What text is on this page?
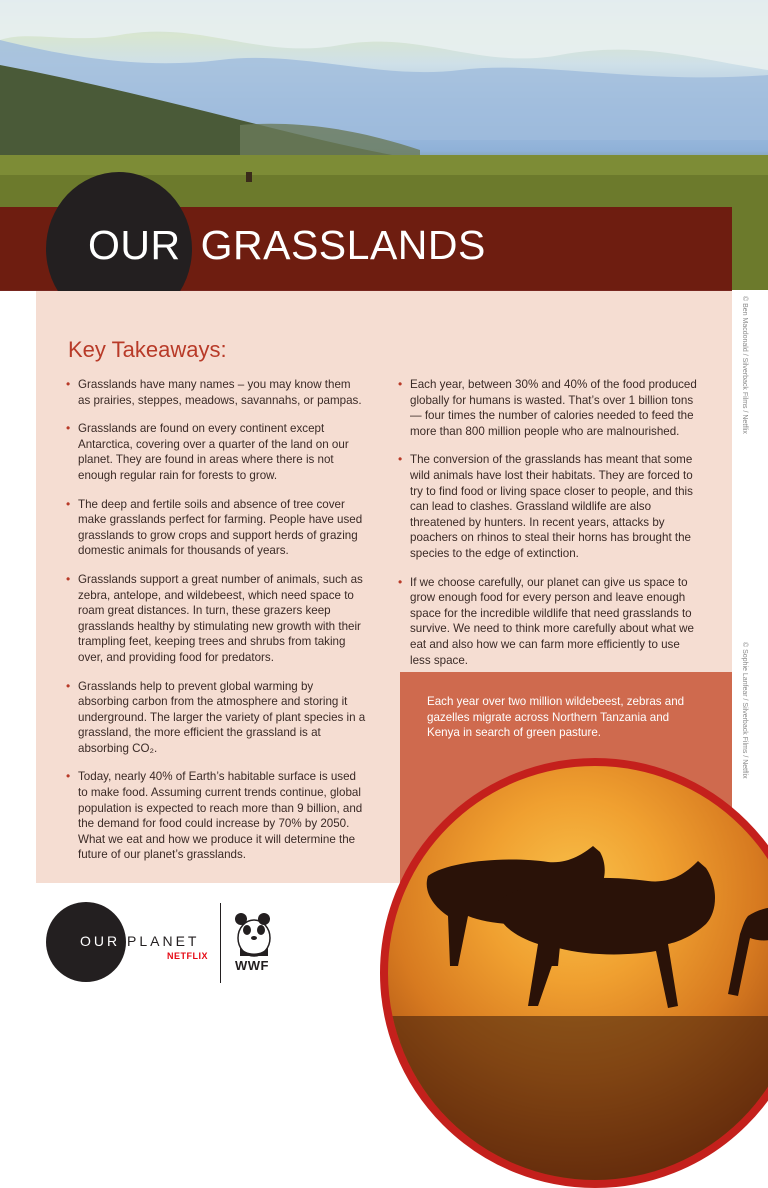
OUR GRASSLANDS
© Ben Macdonald / Silverback Films / Netflix
© Sophie Lanfear / Silverback Films / Netflix
Key Takeaways:
• Grasslands have many names – you may know them as prairies, steppes, meadows, savannahs, or pampas.
• Grasslands are found on every continent except Antarctica, covering over a quarter of the land on our planet. They are found in areas where there is not enough regular rain for forests to grow.
• The deep and fertile soils and absence of tree cover make grasslands perfect for farming. People have used grasslands to grow crops and support herds of grazing domestic animals for thousands of years.
• Grasslands support a great number of animals, such as zebra, antelope, and wildebeest, which need space to roam great distances. In turn, these grazers keep grasslands healthy by stimulating new growth with their trampling feet, keeping trees and shrubs from taking over, and providing food for predators.
• Grasslands help to prevent global warming by absorbing carbon from the atmosphere and storing it underground. The larger the variety of plant species in a grassland, the more efficient the grassland is at absorbing CO₂.
• Today, nearly 40% of Earth’s habitable surface is used to make food. Assuming current trends continue, global population is expected to reach more than 9 billion, and the demand for food could increase by 70% by 2050. What we eat and how we produce it will determine the future of our planet’s grasslands.
• Each year, between 30% and 40% of the food produced globally for humans is wasted. That’s over 1 billion tons — four times the number of calories needed to feed the more than 800 million people who are malnourished.
• The conversion of the grasslands has meant that some wild animals have lost their habitats. They are forced to try to find food or living space closer to people, and this can lead to clashes. Grassland wildlife are also threatened by hunters. In recent years, attacks by poachers on rhinos to steal their horns has brought the species to the edge of extinction.
• If we choose carefully, our planet can give us space to grow enough food for every person and leave enough space for the incredible wildlife that need grasslands to survive. We need to think more carefully about what we eat and also how we can farm more efficiently to use less space.

Each year over two million wildebeest, zebras and gazelles migrate across Northern Tanzania and Kenya in search of green pasture.

OUR PLANET

NETFLIX

WWF
